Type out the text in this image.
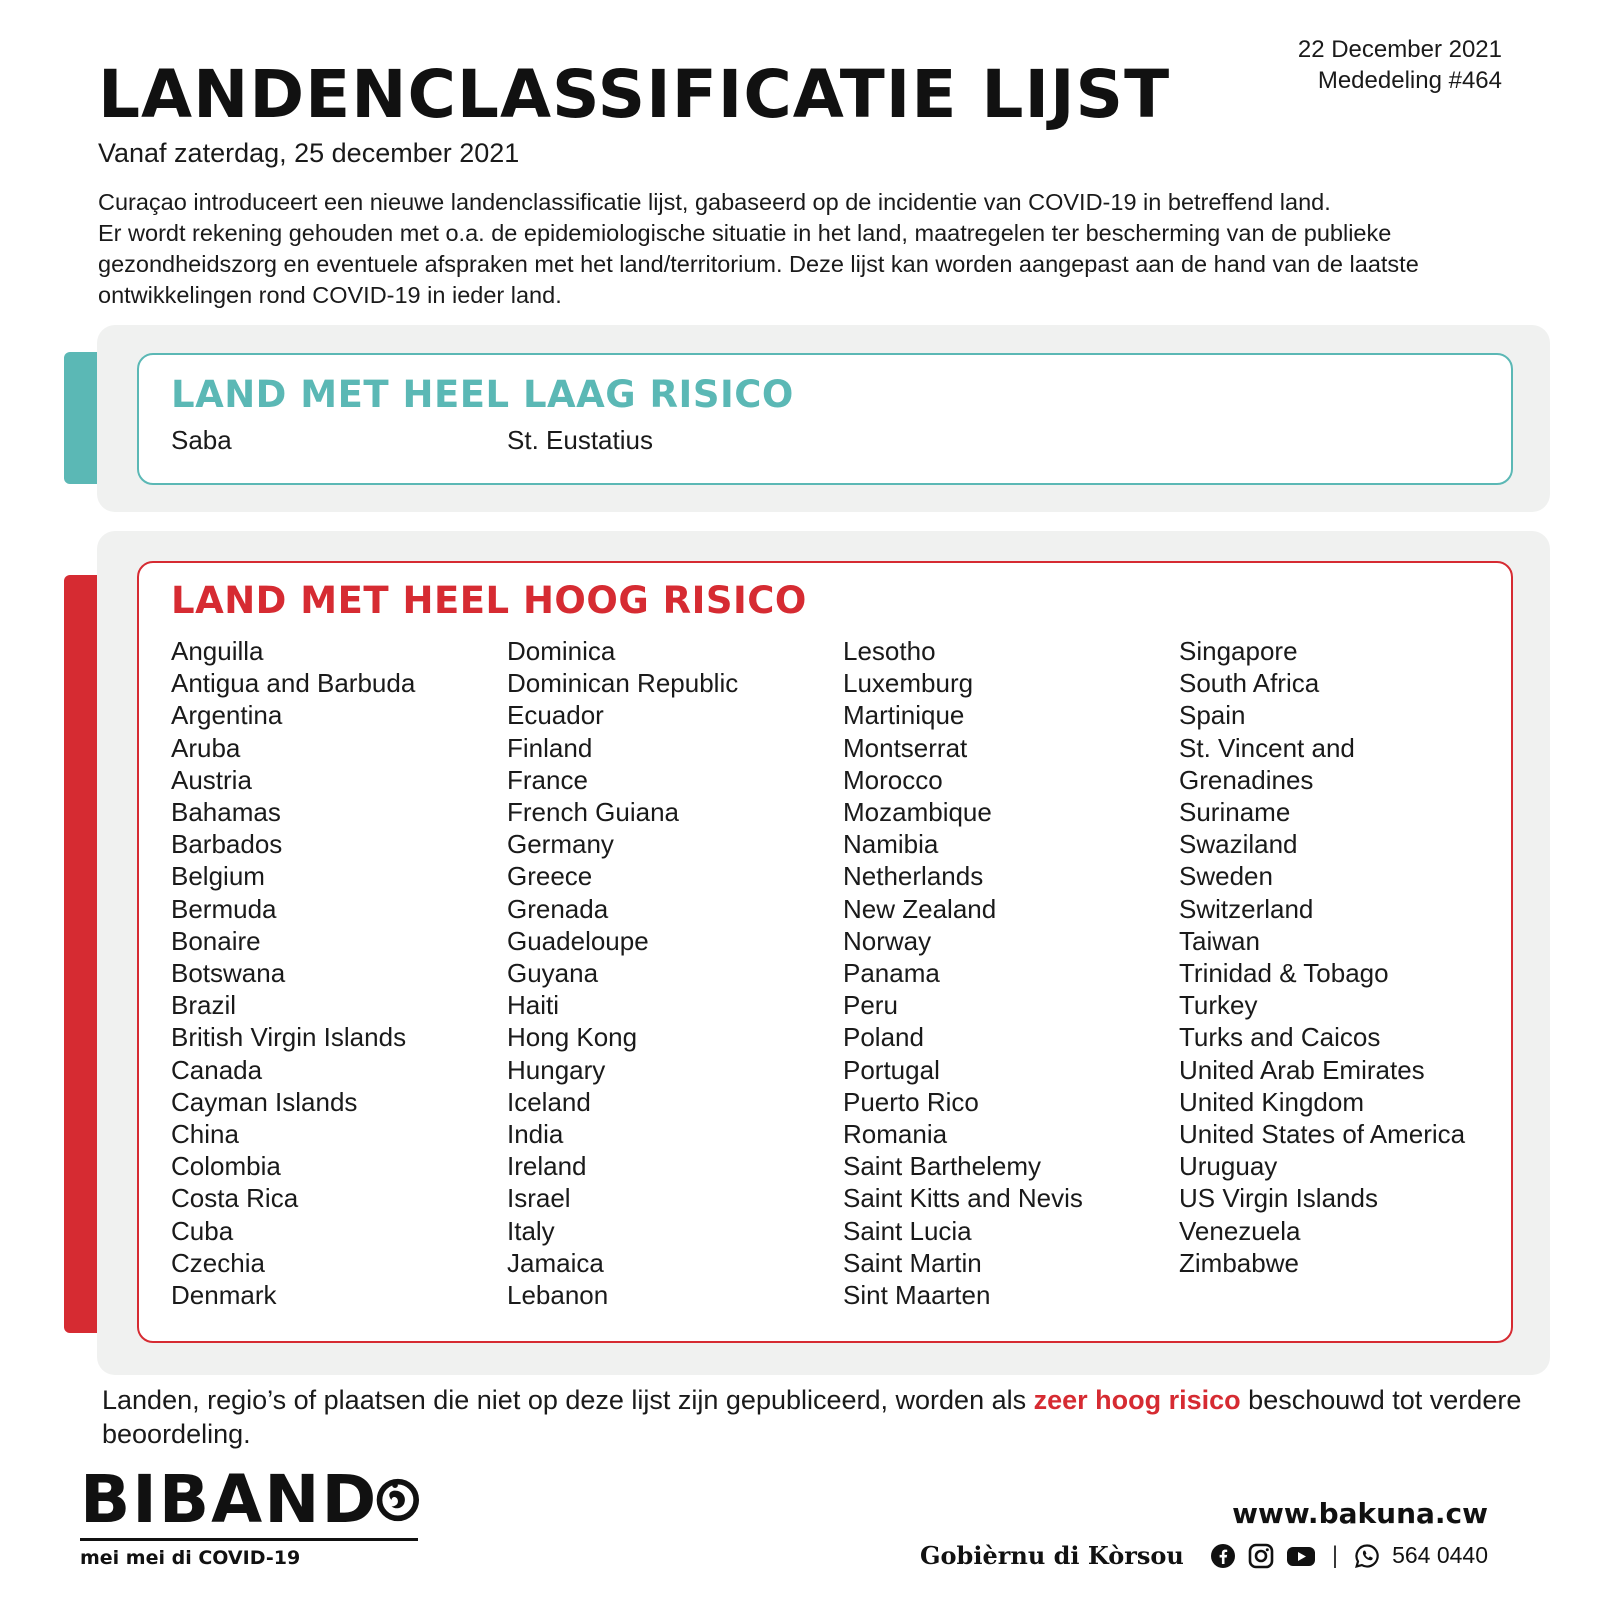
22 December 2021
Mededeling #464
LANDENCLASSIFICATIE LIJST
Vanaf zaterdag, 25 december 2021

Curaçao introduceert een nieuwe landenclassificatie lijst, gabaseerd op de incidentie van COVID-19 in betreffend land.

Er wordt rekening gehouden met o.a. de epidemiologische situatie in het land, maatregelen ter bescherming van de publieke gezondheidszorg en eventuele afspraken met het land/territorium. Deze lijst kan worden aangepast aan de hand van de laatste ontwikkelingen rond COVID-19 in ieder land.

LAND MET HEEL LAAG RISICO
Saba	St. Eustatius
LAND MET HEEL HOOG RISICO
Anguilla
Antigua and Barbuda
Argentina
Aruba
Austria
Bahamas
Barbados
Belgium
Bermuda
Bonaire
Botswana
Brazil
British Virgin Islands
Canada
Cayman Islands
China
Colombia
Costa Rica
Cuba
Czechia
Denmark
Dominica
Dominican Republic
Ecuador
Finland
France
French Guiana
Germany
Greece
Grenada
Guadeloupe
Guyana
Haiti
Hong Kong
Hungary
Iceland
India
Ireland
Israel
Italy
Jamaica
Lebanon
Lesotho
Luxemburg
Martinique
Montserrat
Morocco
Mozambique
Namibia
Netherlands
New Zealand
Norway
Panama
Peru
Poland
Portugal
Puerto Rico
Romania
Saint Barthelemy
Saint Kitts and Nevis
Saint Lucia
Saint Martin
Sint Maarten
Singapore
South Africa
Spain
St. Vincent and
Grenadines
Suriname
Swaziland
Sweden
Switzerland
Taiwan
Trinidad & Tobago
Turkey
Turks and Caicos
United Arab Emirates
United Kingdom
United States of America
Uruguay
US Virgin Islands
Venezuela
Zimbabwe
Landen, regio’s of plaatsen die niet op deze lijst zijn gepubliceerd, worden als zeer hoog risico beschouwd tot verdere beoordeling.
BIBAND
mei mei di COVID-19
www.bakuna.cw
Gobièrnu di Kòrsou	| 564 0440
